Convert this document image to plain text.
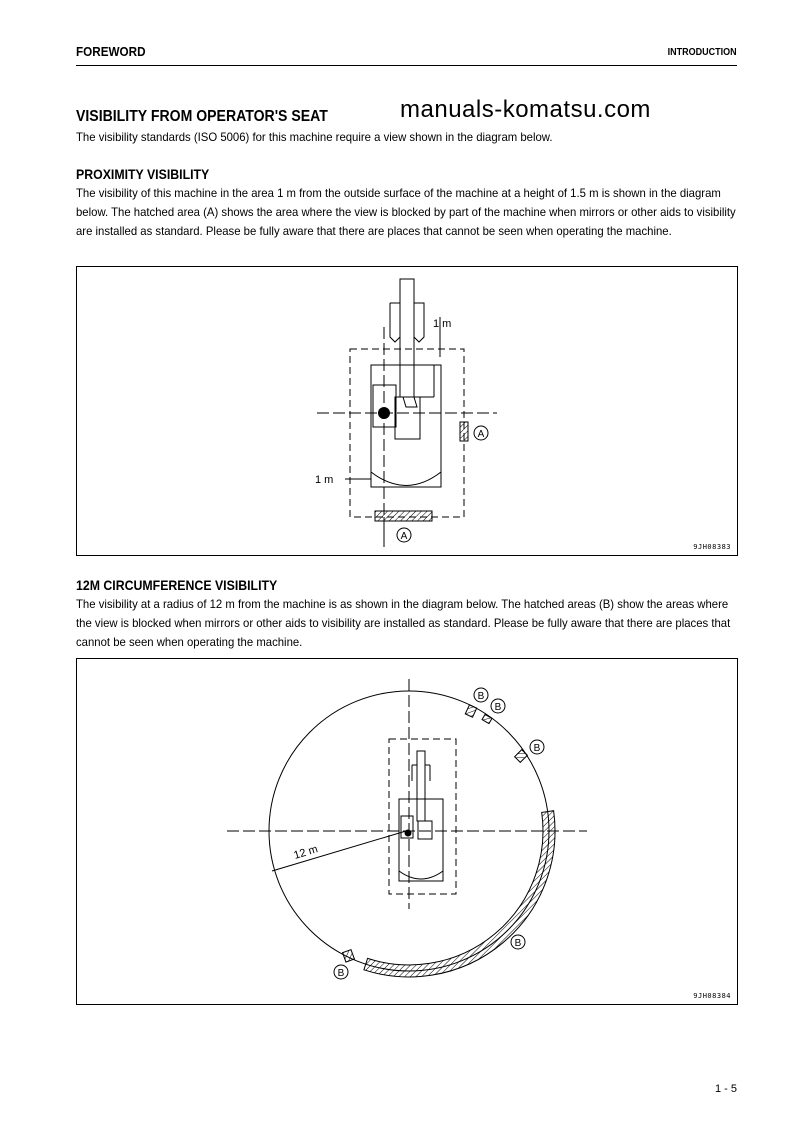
FOREWORD	INTRODUCTION
VISIBILITY FROM OPERATOR'S SEAT	manuals-komatsu.com

The visibility standards (ISO 5006) for this machine require a view shown in the diagram below.

PROXIMITY VISIBILITY

The visibility of this machine in the area 1 m from the outside surface of the machine at a height of 1.5 m is shown in the diagram below. The hatched area (A) shows the area where the view is blocked by part of the machine when mirrors or other aids to visibility are installed as standard. Please be fully aware that there are places that cannot be seen when operating the machine.

A
A
1 m
1 m
9JH08383
12M CIRCUMFERENCE VISIBILITY

The visibility at a radius of 12 m from the machine is as shown in the diagram below. The hatched areas (B) show the areas where the view is blocked when mirrors or other aids to visibility are installed as standard. Please be fully aware that there are places that cannot be seen when operating the machine.

B
B
B
B
B
12 m
9JH08384
1 - 5
